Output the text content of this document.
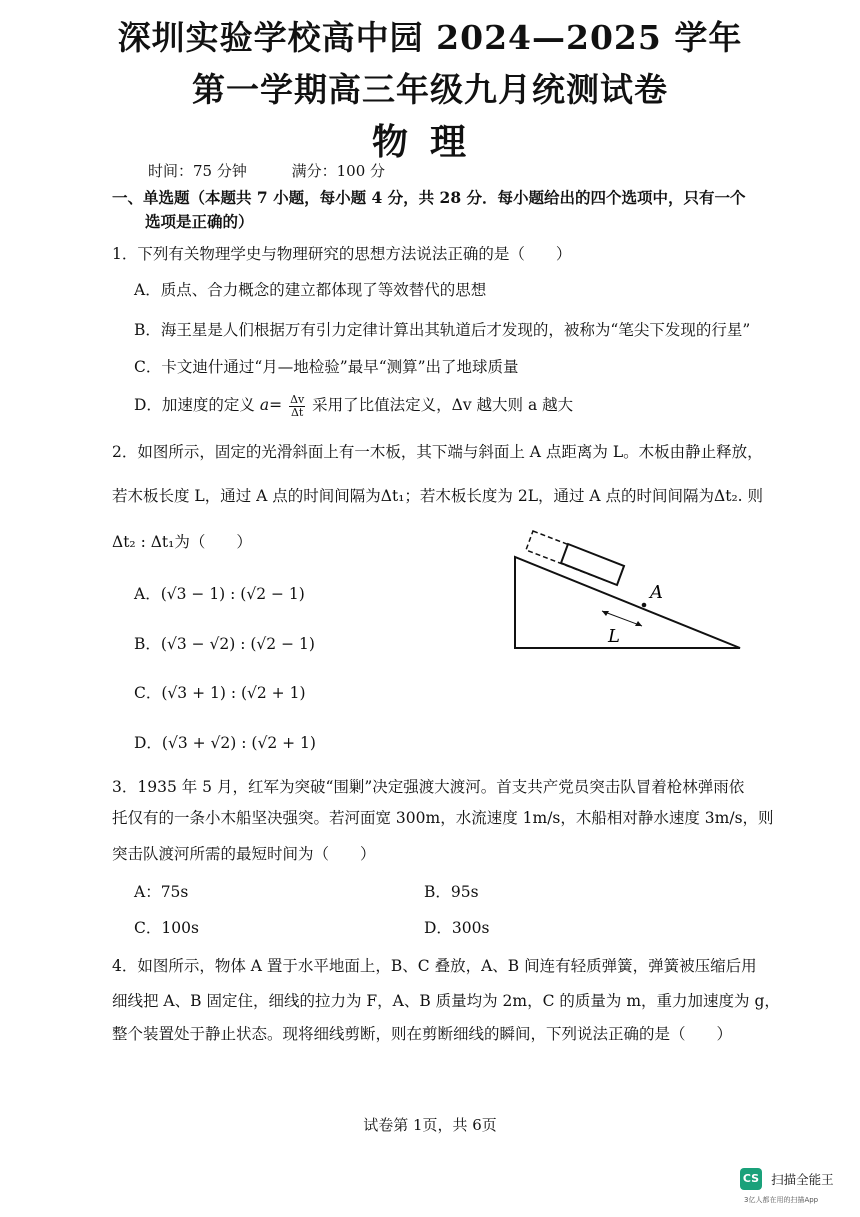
深圳实验学校高中园 2024—2025 学年
第一学期高三年级九月统测试卷
物理
时间：75 分钟	满分：100 分
一、单选题（本题共 7 小题，每小题 4 分，共 28 分．每小题给出的四个选项中，只有一个
选项是正确的）
1．下列有关物理学史与物理研究的思想方法说法正确的是（　　）
A．质点、合力概念的建立都体现了等效替代的思想
B．海王星是人们根据万有引力定律计算出其轨道后才发现的，被称为“笔尖下发现的行星”
C．卡文迪什通过“月—地检验”最早“测算”出了地球质量
D．加速度的定义 $a= \frac{\Delta v}{\Delta t}$ 采用了比值法定义，Δv 越大则 a 越大
2．如图所示，固定的光滑斜面上有一木板，其下端与斜面上 A 点距离为 L。木板由静止释放，
若木板长度 L，通过 A 点的时间间隔为Δt₁；若木板长度为 2L，通过 A 点的时间间隔为Δt₂. 则
Δt₂ : Δt₁为（　　）
A．(√3 − 1) : (√2 − 1)
B．(√3 − √2) : (√2 − 1)
C．(√3 + 1) : (√2 + 1)
D．(√3 + √2) : (√2 + 1)
A
L
3．1935 年 5 月，红军为突破“围剿”决定强渡大渡河。首支共产党员突击队冒着枪林弹雨依
托仅有的一条小木船坚决强突。若河面宽 300m，水流速度 1m/s，木船相对静水速度 3m/s，则
突击队渡河所需的最短时间为（　　）
A：75s	B．95s
C．100s	D．300s
4．如图所示，物体 A 置于水平地面上，B、C 叠放，A、B 间连有轻质弹簧，弹簧被压缩后用
细线把 A、B 固定住，细线的拉力为 F，A、B 质量均为 2m，C 的质量为 m，重力加速度为 g，
整个装置处于静止状态。现将细线剪断，则在剪断细线的瞬间，下列说法正确的是（　　）
试卷第 1页，共 6页
CS 扫描全能王
3亿人都在用的扫描App
